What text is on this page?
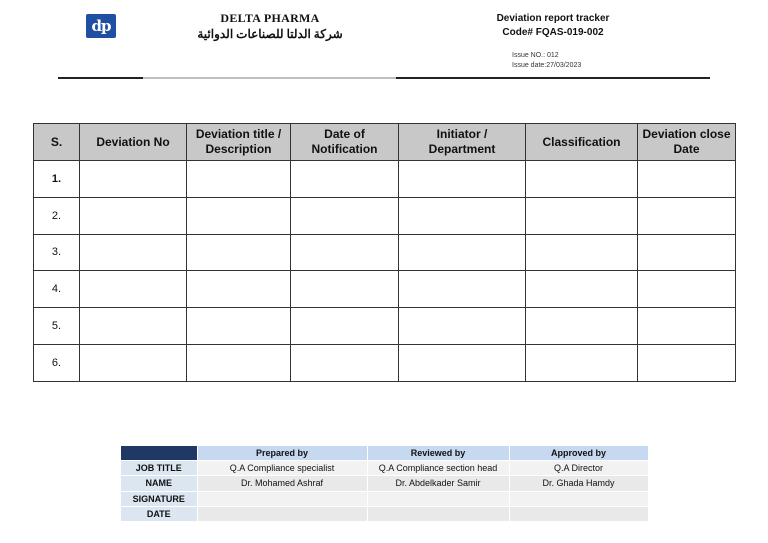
dp	DELTA PHARMA
شركة الدلتا للصناعات الدوائية
Deviation report tracker
Code# FQAS-019-002
Issue NO.: 012
Issue date:27/03/2023
S.	Deviation No	Deviation title / Description	Date of Notification	Initiator / Department	Classification	Deviation close Date
1.						
2.						
3.						
4.						
5.						
6.						
	Prepared by	Reviewed by	Approved by
JOB TITLE	Q.A Compliance specialist	Q.A Compliance section head	Q.A Director
NAME	Dr. Mohamed Ashraf	Dr. Abdelkader Samir	Dr. Ghada Hamdy
SIGNATURE			
DATE			
